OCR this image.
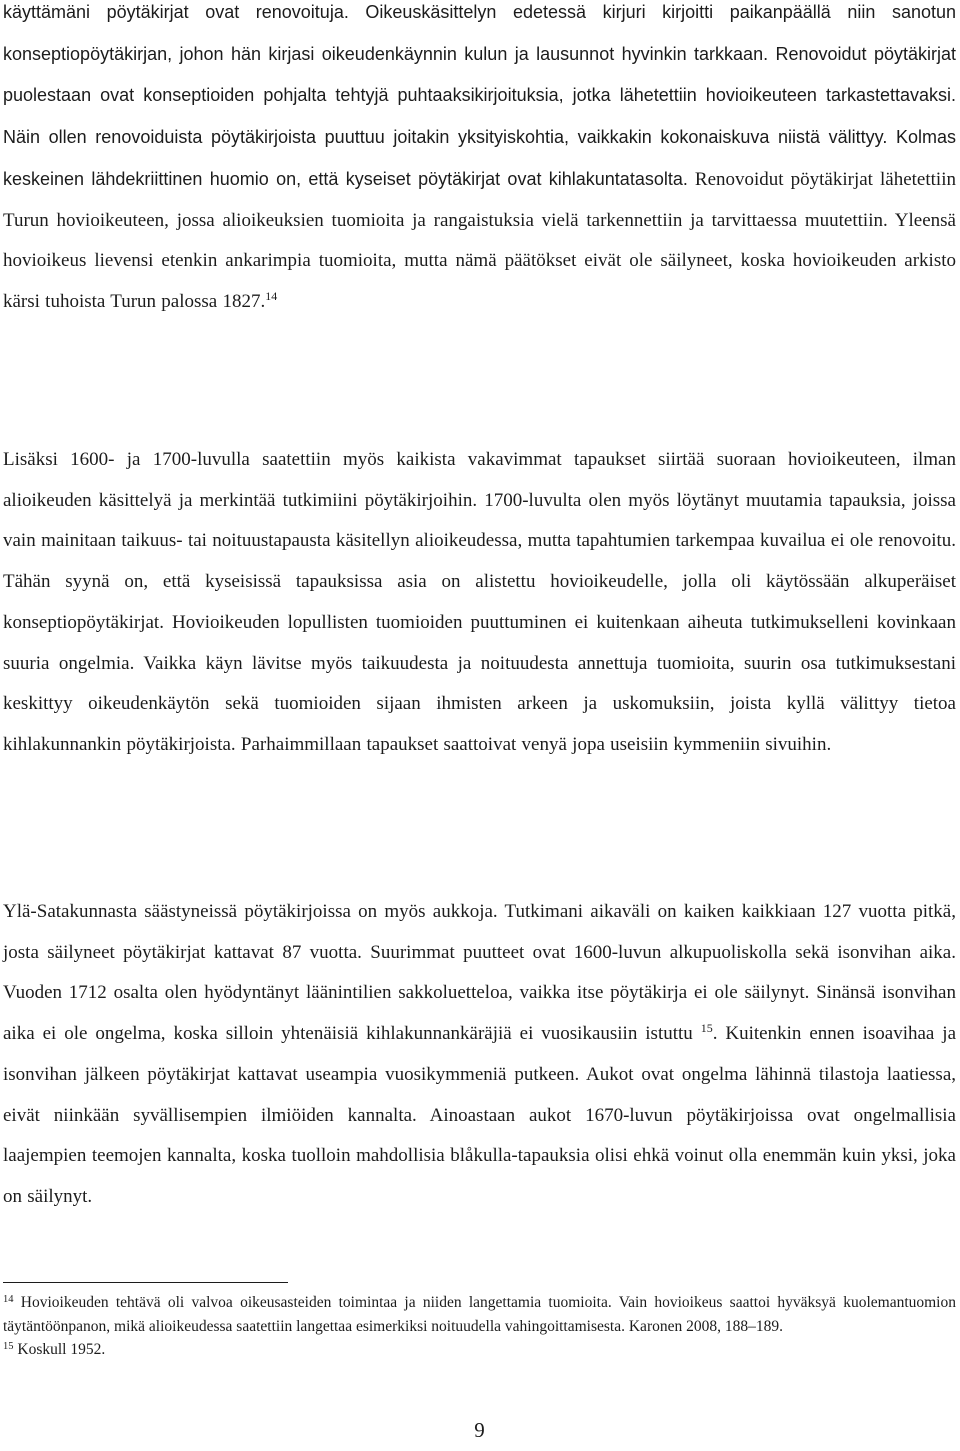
käyttämäni pöytäkirjat ovat renovoituja. Oikeuskäsittelyn edetessä kirjuri kirjoitti paikanpäällä niin sanotun konseptiopöytäkirjan, johon hän kirjasi oikeudenkäynnin kulun ja lausunnot hyvinkin tarkkaan. Renovoidut pöytäkirjat puolestaan ovat konseptioiden pohjalta tehtyjä puhtaaksikirjoituksia, jotka lähetettiin hovioikeuteen tarkastettavaksi. Näin ollen renovoiduista pöytäkirjoista puuttuu joitakin yksityiskohtia, vaikkakin kokonaiskuva niistä välittyy. Kolmas keskeinen lähdekriittinen huomio on, että kyseiset pöytäkirjat ovat kihlakuntatasolta. Renovoidut pöytäkirjat lähetettiin Turun hovioikeuteen, jossa alioikeuksien tuomioita ja rangaistuksia vielä tarkennettiin ja tarvittaessa muutettiin. Yleensä hovioikeus lievensi etenkin ankarimpia tuomioita, mutta nämä päätökset eivät ole säilyneet, koska hovioikeuden arkisto kärsi tuhoista Turun palossa 1827.14

Lisäksi 1600- ja 1700-luvulla saatettiin myös kaikista vakavimmat tapaukset siirtää suoraan hovioikeuteen, ilman alioikeuden käsittelyä ja merkintää tutkimiini pöytäkirjoihin. 1700-luvulta olen myös löytänyt muutamia tapauksia, joissa vain mainitaan taikuus- tai noituustapausta käsitellyn alioikeudessa, mutta tapahtumien tarkempaa kuvailua ei ole renovoitu. Tähän syynä on, että kyseisissä tapauksissa asia on alistettu hovioikeudelle, jolla oli käytössään alkuperäiset konseptiopöytäkirjat. Hovioikeuden lopullisten tuomioiden puuttuminen ei kuitenkaan aiheuta tutkimukselleni kovinkaan suuria ongelmia. Vaikka käyn lävitse myös taikuudesta ja noituudesta annettuja tuomioita, suurin osa tutkimuksestani keskittyy oikeudenkäytön sekä tuomioiden sijaan ihmisten arkeen ja uskomuksiin, joista kyllä välittyy tietoa kihlakunnankin pöytäkirjoista. Parhaimmillaan tapaukset saattoivat venyä jopa useisiin kymmeniin sivuihin.

Ylä-Satakunnasta säästyneissä pöytäkirjoissa on myös aukkoja. Tutkimani aikaväli on kaiken kaikkiaan 127 vuotta pitkä, josta säilyneet pöytäkirjat kattavat 87 vuotta. Suurimmat puutteet ovat 1600-luvun alkupuoliskolla sekä isonvihan aika. Vuoden 1712 osalta olen hyödyntänyt läänintilien sakkoluetteloa, vaikka itse pöytäkirja ei ole säilynyt. Sinänsä isonvihan aika ei ole ongelma, koska silloin yhtenäisiä kihlakunnankäräjiä ei vuosikausiin istuttu $^{15}$. Kuitenkin ennen isoavihaa ja isonvihan jälkeen pöytäkirjat kattavat useampia vuosikymmeniä putkeen. Aukot ovat ongelma lähinnä tilastoja laatiessa, eivät niinkään syvällisempien ilmiöiden kannalta. Ainoastaan aukot 1670-luvun pöytäkirjoissa ovat ongelmallisia laajempien teemojen kannalta, koska tuolloin mahdollisia blåkulla-tapauksia olisi ehkä voinut olla enemmän kuin yksi, joka on säilynyt.

$^{14}$ Hovioikeuden tehtävä oli valvoa oikeusasteiden toimintaa ja niiden langettamia tuomioita. Vain hovioikeus saattoi hyväksyä kuolemantuomion täytäntöönpanon, mikä alioikeudessa saatettiin langettaa esimerkiksi noituudella vahingoittamisesta. Karonen 2008, 188–189.

$^{15}$ Koskull 1952.

9
